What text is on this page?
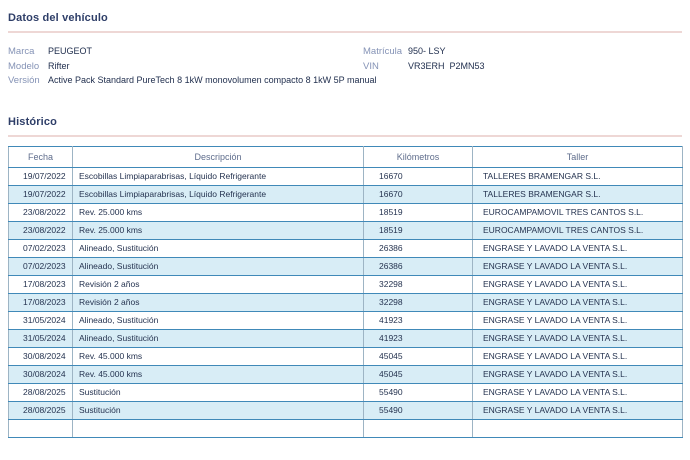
Datos del vehículo
Marca	PEUGEOT
Modelo Rifter
Versión Active Pack Standard PureTech 8 1kW monovolumen compacto 8 1kW 5P manual
Matrícula 950- LSY
VIN	VR3ERH  P2MN53
Histórico
Fecha	Descripción	Kilómetros	Taller
19/07/2022	Escobillas Limpiaparabrisas, Líquido Refrigerante	16670	TALLERES BRAMENGAR S.L.
19/07/2022	Escobillas Limpiaparabrisas, Líquido Refrigerante	16670	TALLERES BRAMENGAR S.L.
23/08/2022	Rev. 25.000 kms	18519	EUROCAMPAMOVIL TRES CANTOS S.L.
23/08/2022	Rev. 25.000 kms	18519	EUROCAMPAMOVIL TRES CANTOS S.L.
07/02/2023	Alineado, Sustitución	26386	ENGRASE Y LAVADO LA VENTA S.L.
07/02/2023	Alineado, Sustitución	26386	ENGRASE Y LAVADO LA VENTA S.L.
17/08/2023	Revisión 2 años	32298	ENGRASE Y LAVADO LA VENTA S.L.
17/08/2023	Revisión 2 años	32298	ENGRASE Y LAVADO LA VENTA S.L.
31/05/2024	Alineado, Sustitución	41923	ENGRASE Y LAVADO LA VENTA S.L.
31/05/2024	Alineado, Sustitución	41923	ENGRASE Y LAVADO LA VENTA S.L.
30/08/2024	Rev. 45.000 kms	45045	ENGRASE Y LAVADO LA VENTA S.L.
30/08/2024	Rev. 45.000 kms	45045	ENGRASE Y LAVADO LA VENTA S.L.
28/08/2025	Sustitución	55490	ENGRASE Y LAVADO LA VENTA S.L.
28/08/2025	Sustitución	55490	ENGRASE Y LAVADO LA VENTA S.L.
